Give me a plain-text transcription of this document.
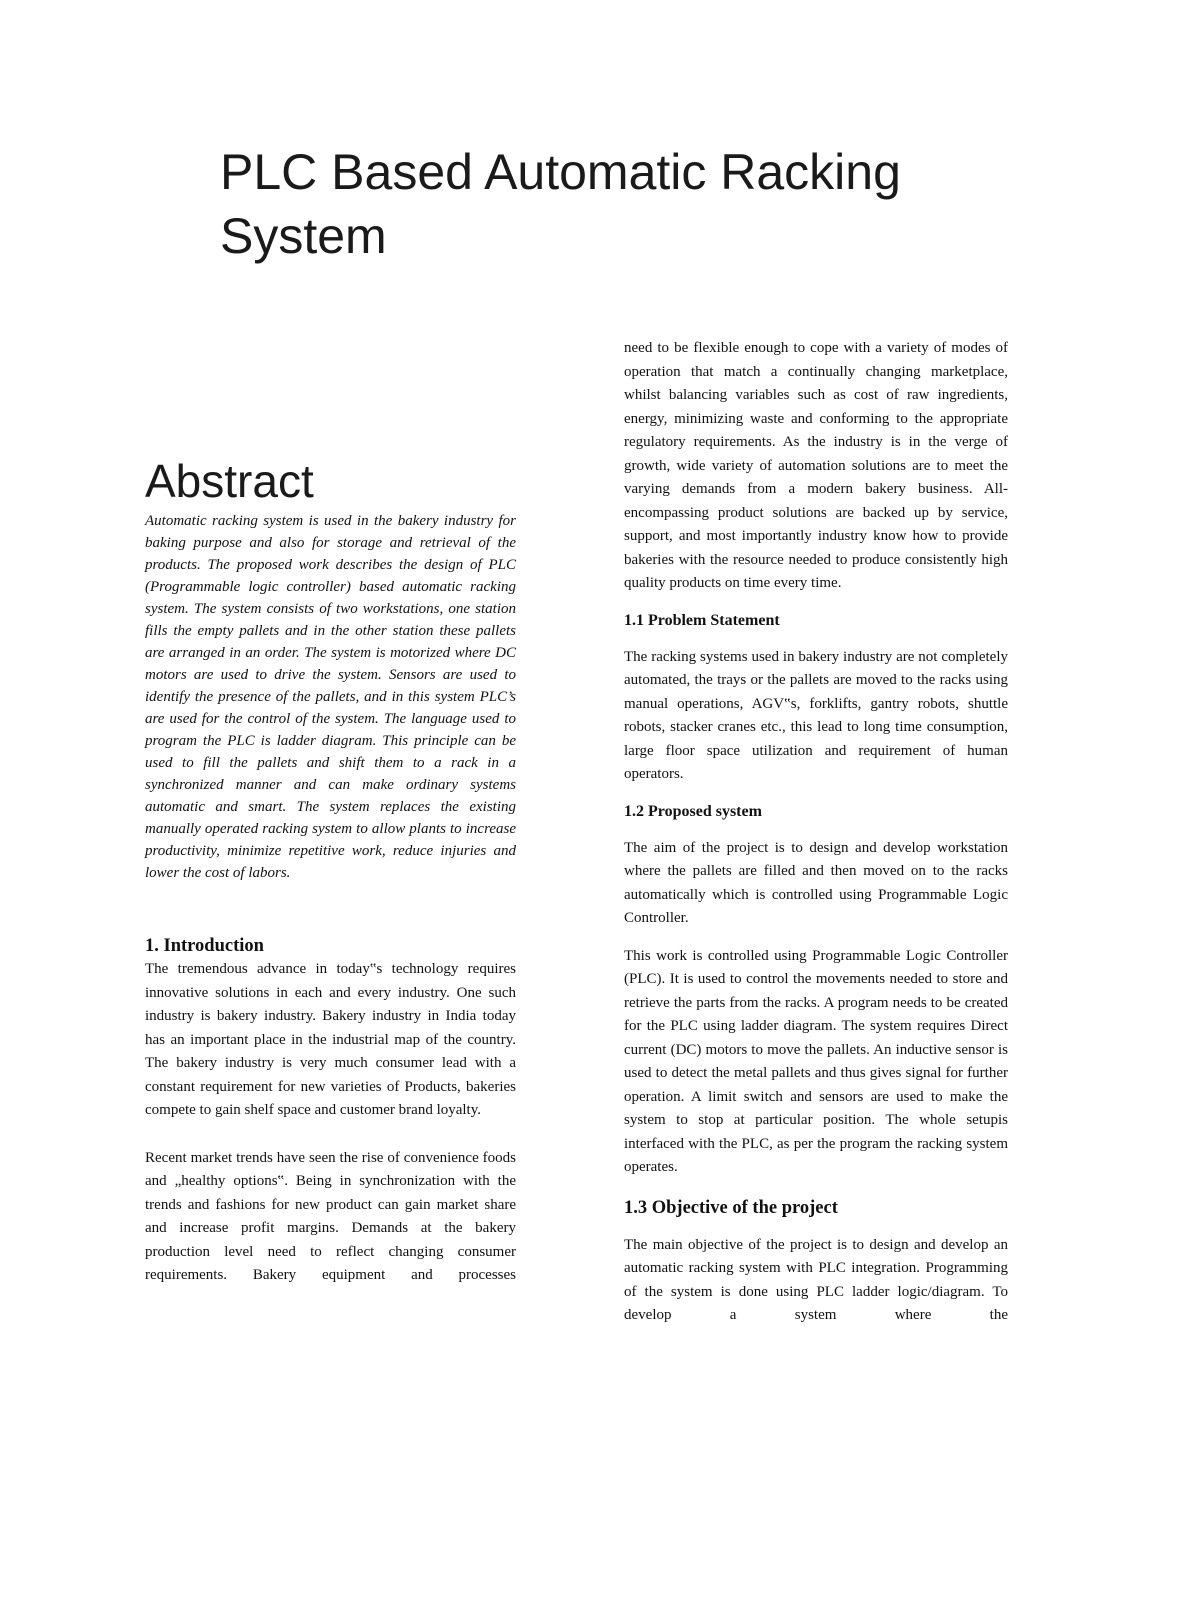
PLC Based Automatic Racking System
Abstract

Automatic racking system is used in the bakery industry for baking purpose and also for storage and retrieval of the products. The proposed work describes the design of PLC (Programmable logic controller) based automatic racking system. The system consists of two workstations, one station fills the empty pallets and in the other station these pallets are arranged in an order. The system is motorized where DC motors are used to drive the system. Sensors are used to identify the presence of the pallets, and in this system PLC’s are used for the control of the system. The language used to program the PLC is ladder diagram. This principle can be used to fill the pallets and shift them to a rack in a synchronized manner and can make ordinary systems automatic and smart. The system replaces the existing manually operated racking system to allow plants to increase productivity, minimize repetitive work, reduce injuries and lower the cost of labors.

1. Introduction

The tremendous advance in today‟s technology requires innovative solutions in each and every industry. One such industry is bakery industry. Bakery industry in India today has an important place in the industrial map of the country. The bakery industry is very much consumer lead with a constant requirement for new varieties of Products, bakeries compete to gain shelf space and customer brand loyalty.

Recent market trends have seen the rise of convenience foods and „healthy options‟. Being in synchronization with the trends and fashions for new product can gain market share and increase profit margins. Demands at the bakery production level need to reflect changing consumer requirements. Bakery equipment and processes

need to be flexible enough to cope with a variety of modes of operation that match a continually changing marketplace, whilst balancing variables such as cost of raw ingredients, energy, minimizing waste and conforming to the appropriate regulatory requirements. As the industry is in the verge of growth, wide variety of automation solutions are to meet the varying demands from a modern bakery business. All-encompassing product solutions are backed up by service, support, and most importantly industry know how to provide bakeries with the resource needed to produce consistently high quality products on time every time.

1.1 Problem Statement

The racking systems used in bakery industry are not completely automated, the trays or the pallets are moved to the racks using manual operations, AGV‟s, forklifts, gantry robots, shuttle robots, stacker cranes etc., this lead to long time consumption, large floor space utilization and requirement of human operators.

1.2 Proposed system

The aim of the project is to design and develop workstation where the pallets are filled and then moved on to the racks automatically which is controlled using Programmable Logic Controller.

This work is controlled using Programmable Logic Controller (PLC). It is used to control the movements needed to store and retrieve the parts from the racks. A program needs to be created for the PLC using ladder diagram. The system requires Direct current (DC) motors to move the pallets. An inductive sensor is used to detect the metal pallets and thus gives signal for further operation. A limit switch and sensors are used to make the system to stop at particular position. The whole setupis interfaced with the PLC, as per the program the racking system operates.

1.3 Objective of the project

The main objective of the project is to design and develop an automatic racking system with PLC integration. Programming of the system is done using PLC ladder logic/diagram. To develop a system where the
